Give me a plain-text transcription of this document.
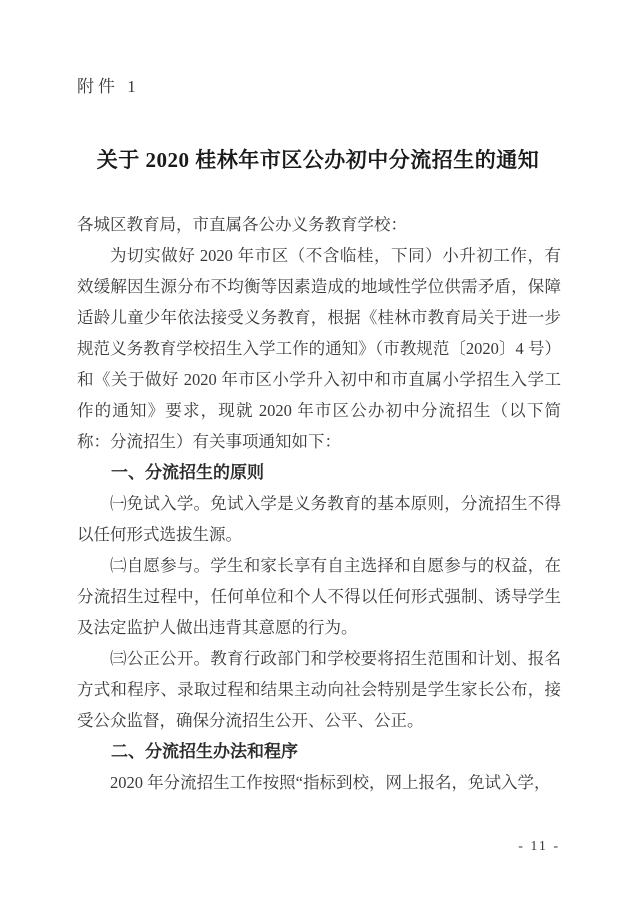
附件 1
关于 2020 桂林年市区公办初中分流招生的通知

各城区教育局，市直属各公办义务教育学校：

为切实做好 2020 年市区（不含临桂，下同）小升初工作，有效缓解因生源分布不均衡等因素造成的地域性学位供需矛盾，保障适龄儿童少年依法接受义务教育，根据《桂林市教育局关于进一步规范义务教育学校招生入学工作的通知》（市教规范〔2020〕4 号）和《关于做好 2020 年市区小学升入初中和市直属小学招生入学工作的通知》要求，现就 2020 年市区公办初中分流招生（以下简称：分流招生）有关事项通知如下：

一、分流招生的原则

㈠免试入学。免试入学是义务教育的基本原则，分流招生不得以任何形式选拔生源。

㈡自愿参与。学生和家长享有自主选择和自愿参与的权益，在分流招生过程中，任何单位和个人不得以任何形式强制、诱导学生及法定监护人做出违背其意愿的行为。

㈢公正公开。教育行政部门和学校要将招生范围和计划、报名方式和程序、录取过程和结果主动向社会特别是学生家长公布，接受公众监督，确保分流招生公开、公平、公正。

二、分流招生办法和程序

2020 年分流招生工作按照“指标到校，网上报名，免试入学，

- 11 -
